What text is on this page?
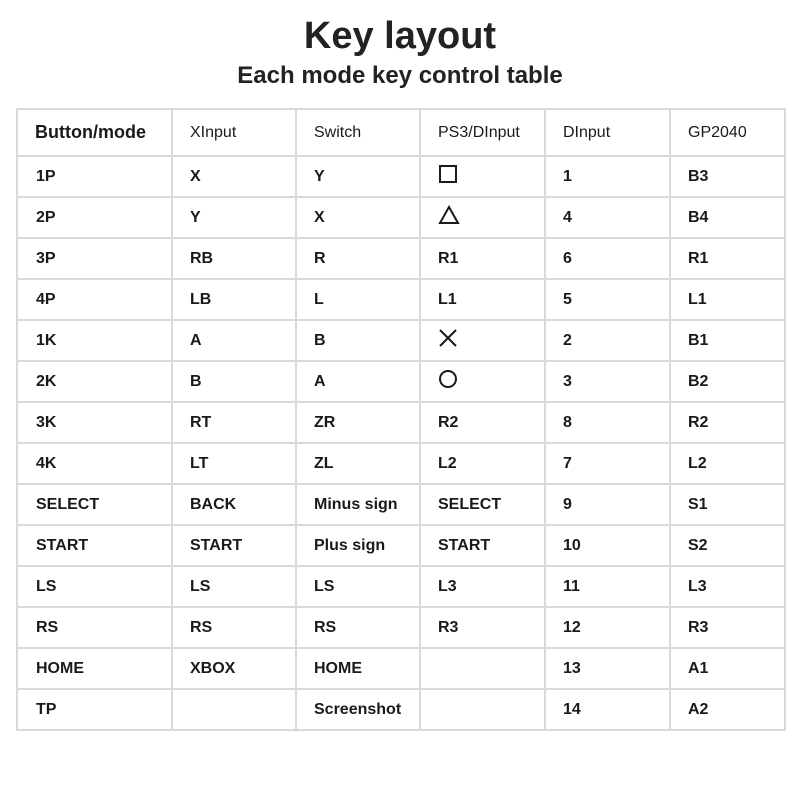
Key layout
Each mode key control table
Button/mode	XInput	Switch	PS3/DInput	DInput	GP2040
1P	X	Y		1	B3
2P	Y	X		4	B4
3P	RB	R	R1	6	R1
4P	LB	L	L1	5	L1
1K	A	B		2	B1
2K	B	A		3	B2
3K	RT	ZR	R2	8	R2
4K	LT	ZL	L2	7	L2
SELECT	BACK	Minus sign	SELECT	9	S1
START	START	Plus sign	START	10	S2
LS	LS	LS	L3	11	L3
RS	RS	RS	R3	12	R3
HOME	XBOX	HOME		13	A1
TP		Screenshot		14	A2
